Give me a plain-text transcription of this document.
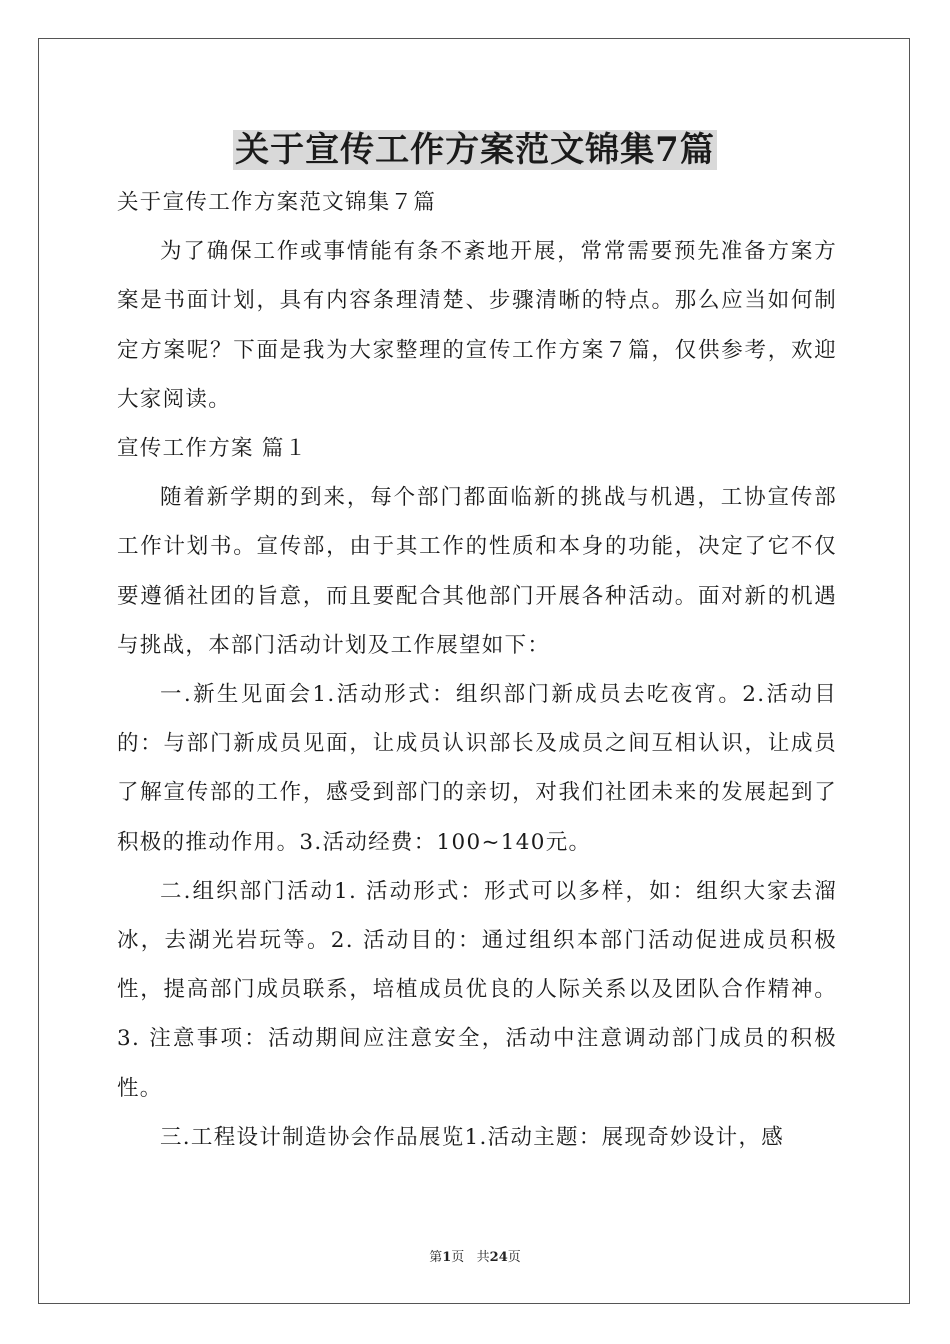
关于宣传工作方案范文锦集7篇

关于宣传工作方案范文锦集７篇

为了确保工作或事情能有条不紊地开展，常常需要预先准备方案方案是书面计划，具有内容条理清楚、步骤清晰的特点。那么应当如何制定方案呢？下面是我为大家整理的宣传工作方案７篇，仅供参考，欢迎大家阅读。

宣传工作方案 篇１

随着新学期的到来，每个部门都面临新的挑战与机遇，工协宣传部工作计划书。宣传部，由于其工作的性质和本身的功能，决定了它不仅要遵循社团的旨意，而且要配合其他部门开展各种活动。面对新的机遇与挑战，本部门活动计划及工作展望如下：

一.新生见面会1.活动形式：组织部门新成员去吃夜宵。2.活动目的：与部门新成员见面，让成员认识部长及成员之间互相认识，让成员了解宣传部的工作，感受到部门的亲切，对我们社团未来的发展起到了积极的推动作用。3.活动经费：100~140元。

二.组织部门活动1. 活动形式：形式可以多样，如：组织大家去溜冰，去湖光岩玩等。2. 活动目的：通过组织本部门活动促进成员积极性，提高部门成员联系，培植成员优良的人际关系以及团队合作精神。3. 注意事项：活动期间应注意安全，活动中注意调动部门成员的积极性。

三.工程设计制造协会作品展览1.活动主题：展现奇妙设计，感

第1页   共24页
